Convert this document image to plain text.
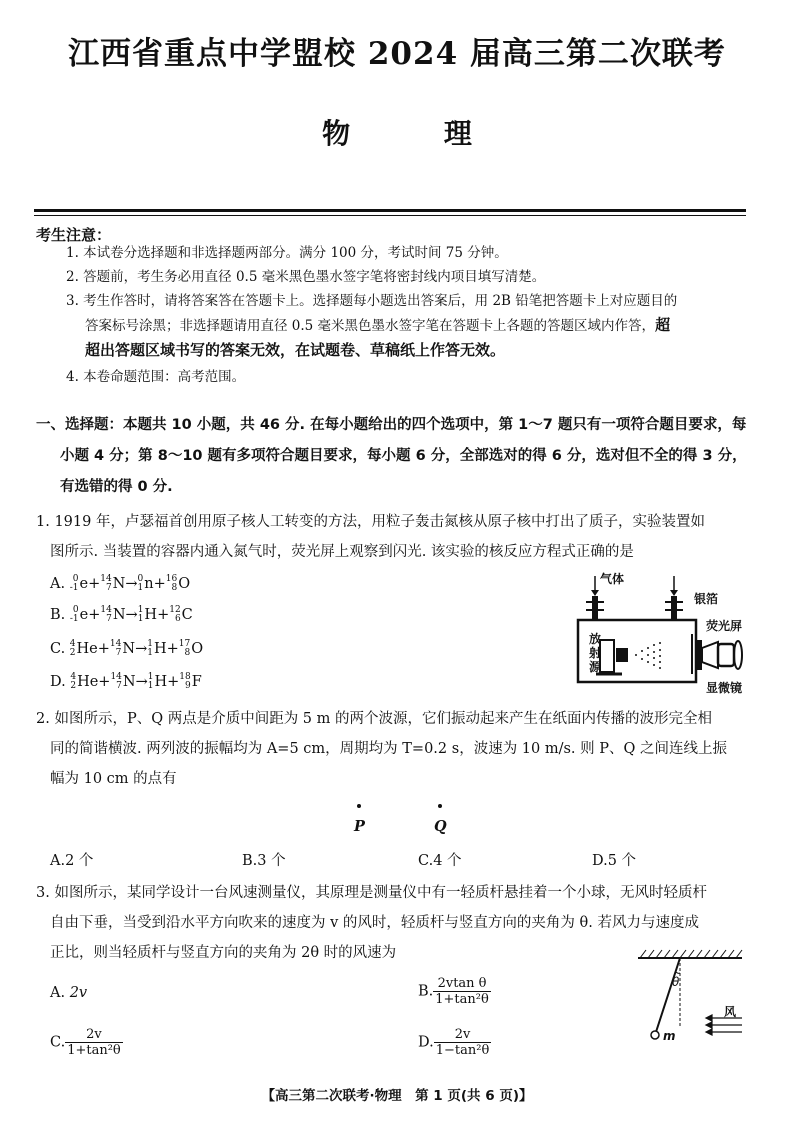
江西省重点中学盟校 2024 届高三第二次联考
物 理
考生注意：
1. 本试卷分选择题和非选择题两部分。满分 100 分，考试时间 75 分钟。
2. 答题前，考生务必用直径 0.5 毫米黑色墨水签字笔将密封线内项目填写清楚。
3. 考生作答时，请将答案答在答题卡上。选择题每小题选出答案后，用 2B 铅笔把答题卡上对应题目的
答案标号涂黑；非选择题请用直径 0.5 毫米黑色墨水签字笔在答题卡上各题的答题区域内作答，超
超出答题区域书写的答案无效，在试题卷、草稿纸上作答无效。
4. 本卷命题范围：高考范围。
一、选择题：本题共 10 小题，共 46 分. 在每小题给出的四个选项中，第 1～7 题只有一项符合题目要求，每
小题 4 分；第 8～10 题有多项符合题目要求，每小题 6 分，全部选对的得 6 分，选对但不全的得 3 分，
有选错的得 0 分.
1. 1919 年，卢瑟福首创用原子核人工转变的方法，用粒子轰击氮核从原子核中打出了质子，实验装置如
图所示. 当装置的容器内通入氮气时，荧光屏上观察到闪光. 该实验的核反应方程式正确的是
A. 0
-1e+14
7N→0
1n+16
8O
B. 0
-1e+14
7N→1
1H+12
6C
C. 4
2He+14
7N→1
1H+17
8O
D. 4
2He+14
7N→1
1H+18
9F
气体
银箔
荧光屏
放射源
显微镜
2. 如图所示，P、Q 两点是介质中间距为 5 m 的两个波源，它们振动起来产生在纸面内传播的波形完全相
同的简谐横波. 两列波的振幅均为 A=5 cm，周期均为 T=0.2 s，波速为 10 m/s. 则 P、Q 之间连线上振
幅为 10 cm 的点有
P	Q
A.2 个	B.3 个	C.4 个	D.5 个
3. 如图所示，某同学设计一台风速测量仪，其原理是测量仪中有一轻质杆悬挂着一个小球，无风时轻质杆
自由下垂，当受到沿水平方向吹来的速度为 v 的风时，轻质杆与竖直方向的夹角为 θ. 若风力与速度成
正比，则当轻质杆与竖直方向的夹角为 2θ 时的风速为
A. 2v	B. $\frac{\text{2vtan θ}}{\text{1+tan²θ}}$
C. $\frac{2v}{\text{1+tan²θ}}$	D. $\frac{2v}{\text{1−tan²θ}}$
θ
m
风
【高三第二次联考·物理　第 1 页(共 6 页)】
